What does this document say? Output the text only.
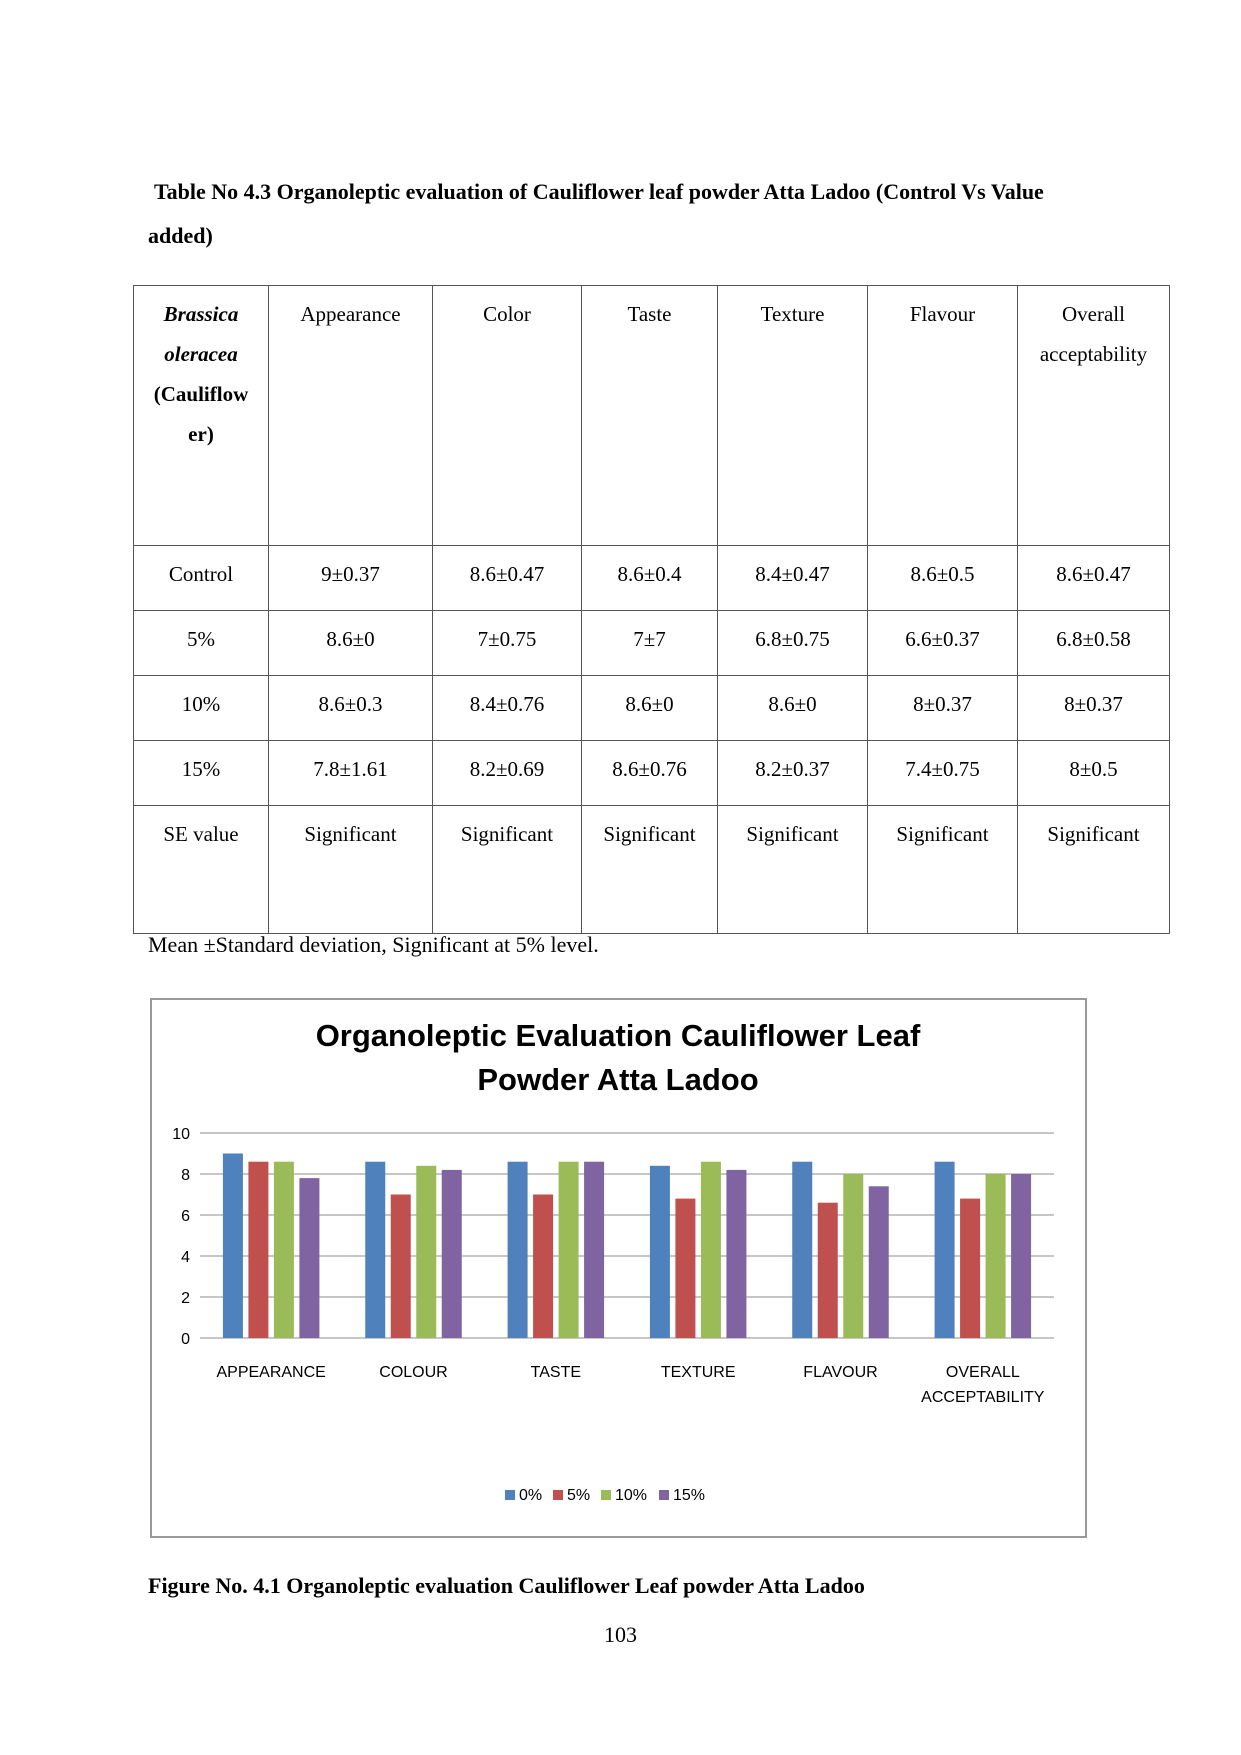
Table No 4.3 Organoleptic evaluation of Cauliflower leaf powder Atta Ladoo (Control Vs Value added)
Brassica
oleracea
(Cauliflow
er)	Appearance	Color	Taste	Texture	Flavour	Overall acceptability
Control	9±0.37	8.6±0.47	8.6±0.4	8.4±0.47	8.6±0.5	8.6±0.47
5%	8.6±0	7±0.75	7±7	6.8±0.75	6.6±0.37	6.8±0.58
10%	8.6±0.3	8.4±0.76	8.6±0	8.6±0	8±0.37	8±0.37
15%	7.8±1.61	8.2±0.69	8.6±0.76	8.2±0.37	7.4±0.75	8±0.5
SE value	Significant	Significant	Significant	Significant	Significant	Significant
Mean ±Standard deviation, Significant at 5% level.
Organoleptic Evaluation Cauliflower Leaf
Powder Atta Ladoo
0
2
4
6
8
10
APPEARANCE	COLOUR	TASTE	TEXTURE	FLAVOUR	OVERALL
ACCEPTABILITY
0% 5% 10% 15%
Figure No. 4.1 Organoleptic evaluation Cauliflower Leaf powder Atta Ladoo
103
